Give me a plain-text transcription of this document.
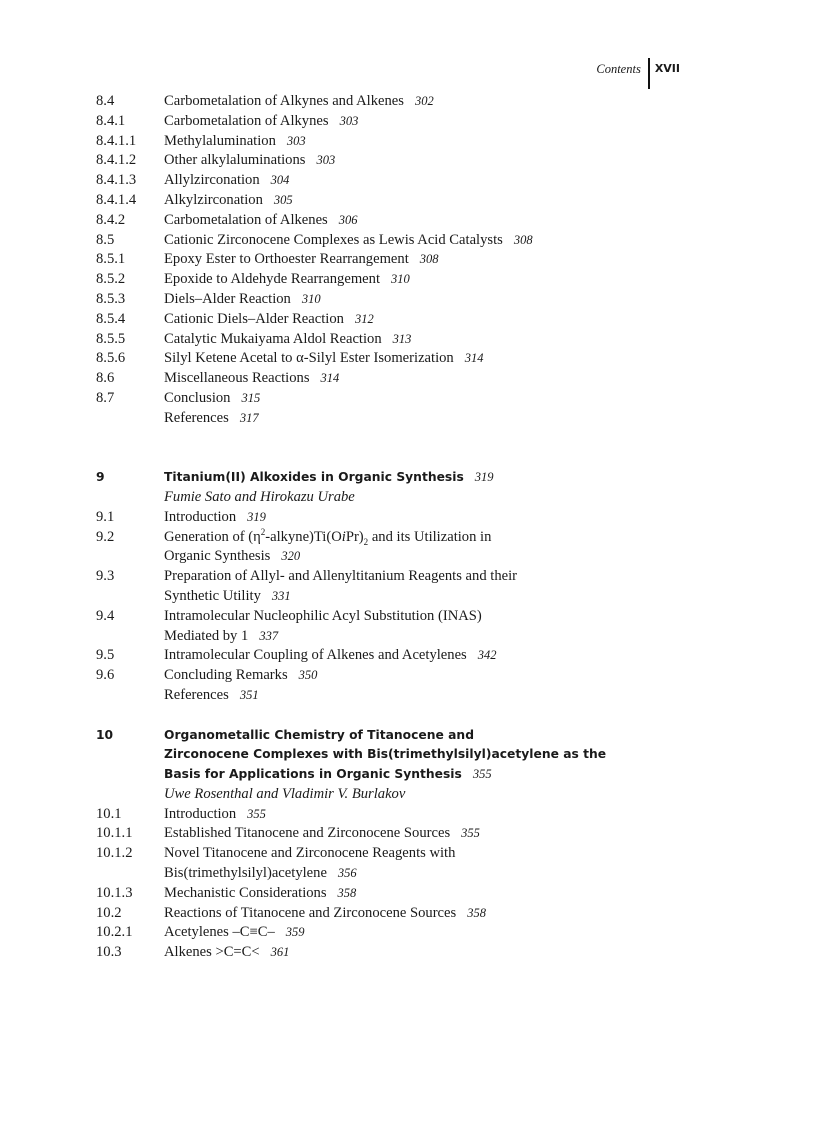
Contents	XVII
8.4	Carbometalation of Alkynes and Alkenes 302
8.4.1	Carbometalation of Alkynes 303
8.4.1.1	Methylalumination 303
8.4.1.2	Other alkylaluminations 303
8.4.1.3	Allylzirconation 304
8.4.1.4	Alkylzirconation 305
8.4.2	Carbometalation of Alkenes 306
8.5	Cationic Zirconocene Complexes as Lewis Acid Catalysts 308
8.5.1	Epoxy Ester to Orthoester Rearrangement 308
8.5.2	Epoxide to Aldehyde Rearrangement 310
8.5.3	Diels–Alder Reaction 310
8.5.4	Cationic Diels–Alder Reaction 312
8.5.5	Catalytic Mukaiyama Aldol Reaction 313
8.5.6	Silyl Ketene Acetal to α-Silyl Ester Isomerization 314
8.6	Miscellaneous Reactions 314
8.7	Conclusion 315
References 317
9	Titanium(II) Alkoxides in Organic Synthesis 319
Fumie Sato and Hirokazu Urabe
9.1	Introduction 319
9.2	Generation of $(\eta^2-alkyne)Ti(OiPr)_2$ and its Utilization in
Organic Synthesis 320
9.3	Preparation of Allyl- and Allenyltitanium Reagents and their
Synthetic Utility 331
9.4	Intramolecular Nucleophilic Acyl Substitution (INAS)
Mediated by 1 337
9.5	Intramolecular Coupling of Alkenes and Acetylenes 342
9.6	Concluding Remarks 350
References 351
10	Organometallic Chemistry of Titanocene and
Zirconocene Complexes with Bis(trimethylsilyl)acetylene as the
Basis for Applications in Organic Synthesis 355
Uwe Rosenthal and Vladimir V. Burlakov
10.1	Introduction 355
10.1.1	Established Titanocene and Zirconocene Sources 355
10.1.2	Novel Titanocene and Zirconocene Reagents with
Bis(trimethylsilyl)acetylene 356
10.1.3	Mechanistic Considerations 358
10.2	Reactions of Titanocene and Zirconocene Sources 358
10.2.1	Acetylenes –C≡C– 359
10.3	Alkenes >C=C< 361
